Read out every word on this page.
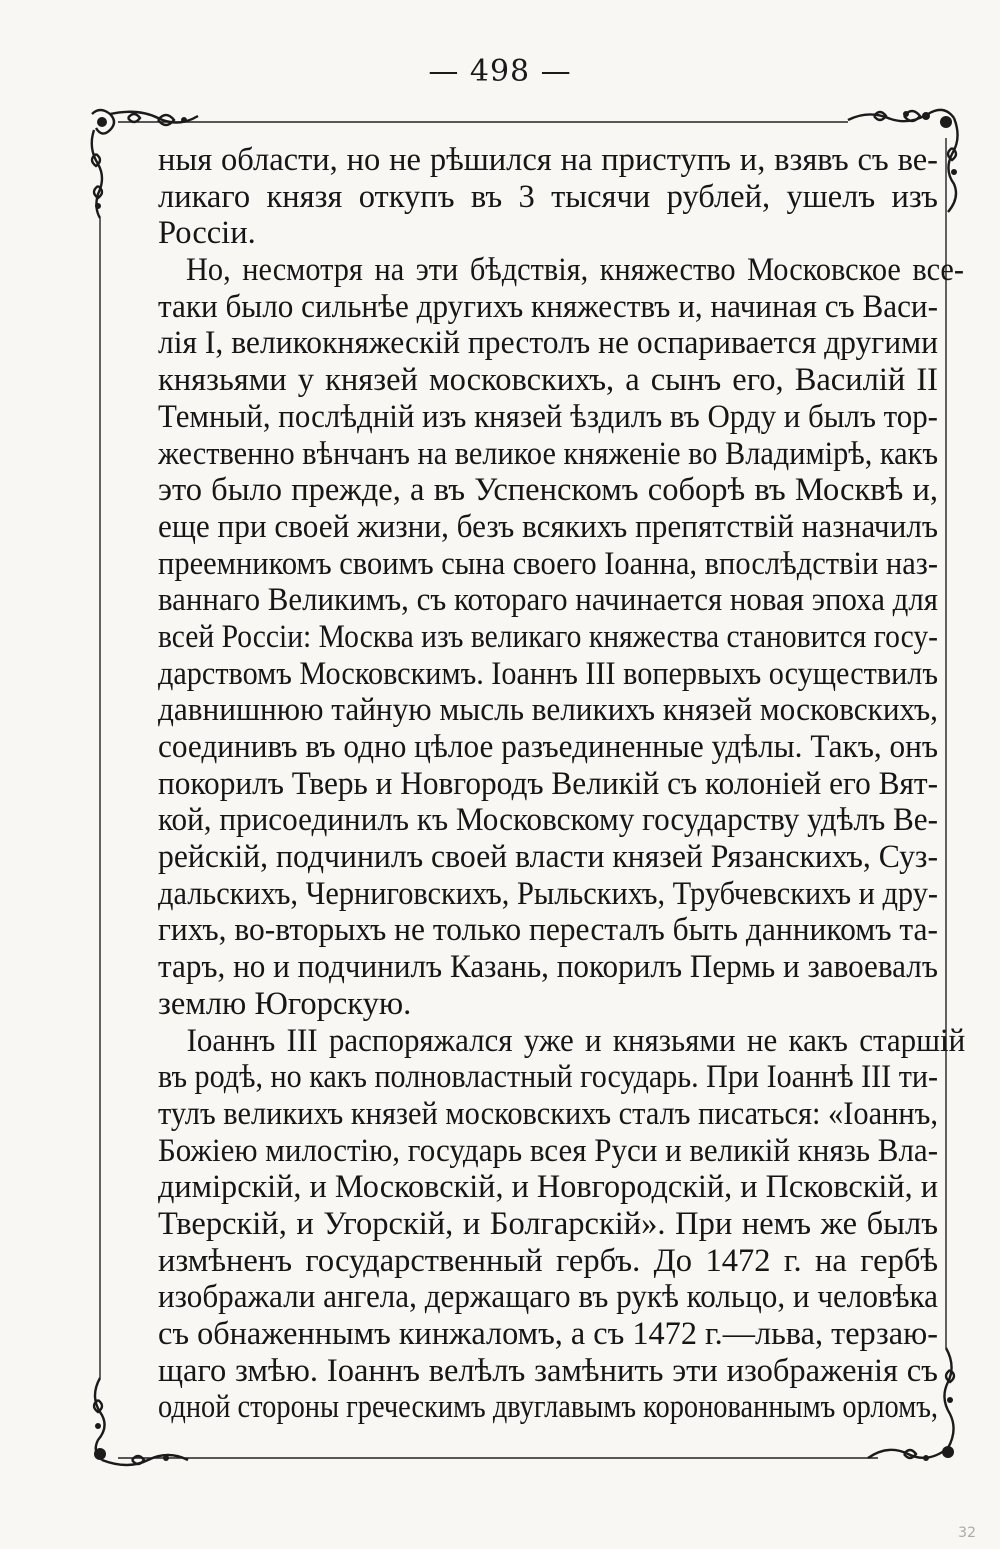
— 498 —
ныя области, но не рѣшился на приступъ и, взявъ съ ве-
ликаго князя откупъ въ 3 тысячи рублей, ушелъ изъ
Россiи.
Но, несмотря на эти бѣдствiя, княжество Московское все-
таки было сильнѣе другихъ княжествъ и, начиная съ Васи-
лiя I, великокняжескiй престолъ не оспаривается другими
князьями у князей московскихъ, а сынъ его, Василiй II
Темный, послѣднiй изъ князей ѣздилъ въ Орду и былъ тор-
жественно вѣнчанъ на великое княженiе во Владимiрѣ, какъ
это было прежде, а въ Успенскомъ соборѣ въ Москвѣ и,
еще при своей жизни, безъ всякихъ препятствiй назначилъ
преемникомъ своимъ сына своего Iоанна, впослѣдствiи наз-
ваннаго Великимъ, съ котораго начинается новая эпоха для
всей Россiи: Москва изъ великаго княжества становится госу-
дарствомъ Московскимъ. Iоаннъ III вопервыхъ осуществилъ
давнишнюю тайную мысль великихъ князей московскихъ,
соединивъ въ одно цѣлое разъединенные удѣлы. Такъ, онъ
покорилъ Тверь и Новгородъ Великiй съ колонiей его Вят-
кой, присоединилъ къ Московскому государству удѣлъ Ве-
рейскiй, подчинилъ своей власти князей Рязанскихъ, Суз-
дальскихъ, Черниговскихъ, Рыльскихъ, Трубчевскихъ и дру-
гихъ, во-вторыхъ не только пересталъ быть данникомъ та-
таръ, но и подчинилъ Казань, покорилъ Пермь и завоевалъ
землю Югорскую.
Iоаннъ III распоряжался уже и князьями не какъ старшiй
въ родѣ, но какъ полновластный государь. При Iоаннѣ III ти-
тулъ великихъ князей московскихъ сталъ писаться: «Iоаннъ,
Божiею милостiю, государь всея Руси и великiй князь Вла-
димiрскiй, и Московскiй, и Новгородскiй, и Псковскiй, и
Тверскiй, и Угорскiй, и Болгарскiй». При немъ же былъ
измѣненъ государственный гербъ. До 1472 г. на гербѣ
изображали ангела, держащаго въ рукѣ кольцо, и человѣка
съ обнаженнымъ кинжаломъ, а съ 1472 г.—льва, терзаю-
щаго змѣю. Iоаннъ велѣлъ замѣнить эти изображенiя съ
одной стороны греческимъ двуглавымъ коронованнымъ орломъ,
32
